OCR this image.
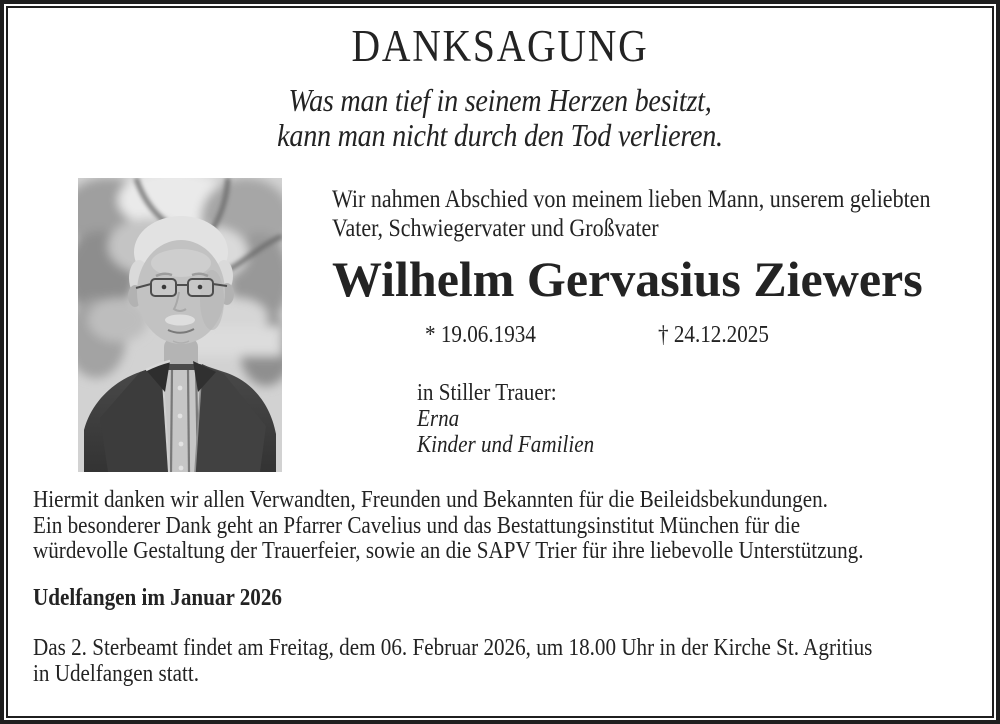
DANKSAGUNG
Was man tief in seinem Herzen besitzt,
kann man nicht durch den Tod verlieren.
Wir nahmen Abschied von meinem lieben Mann, unserem geliebten
Vater, Schwiegervater und Großvater
Wilhelm Gervasius Ziewers
* 19.06.1934	† 24.12.2025
in Stiller Trauer:
Erna
Kinder und Familien
Hiermit danken wir allen Verwandten, Freunden und Bekannten für die Beileidsbekundungen.
Ein besonderer Dank geht an Pfarrer Cavelius und das Bestattungsinstitut München für die
würdevolle Gestaltung der Trauerfeier, sowie an die SAPV Trier für ihre liebevolle Unterstützung.
Udelfangen im Januar 2026
Das 2. Sterbeamt findet am Freitag, dem 06. Februar 2026, um 18.00 Uhr in der Kirche St. Agritius
in Udelfangen statt.
